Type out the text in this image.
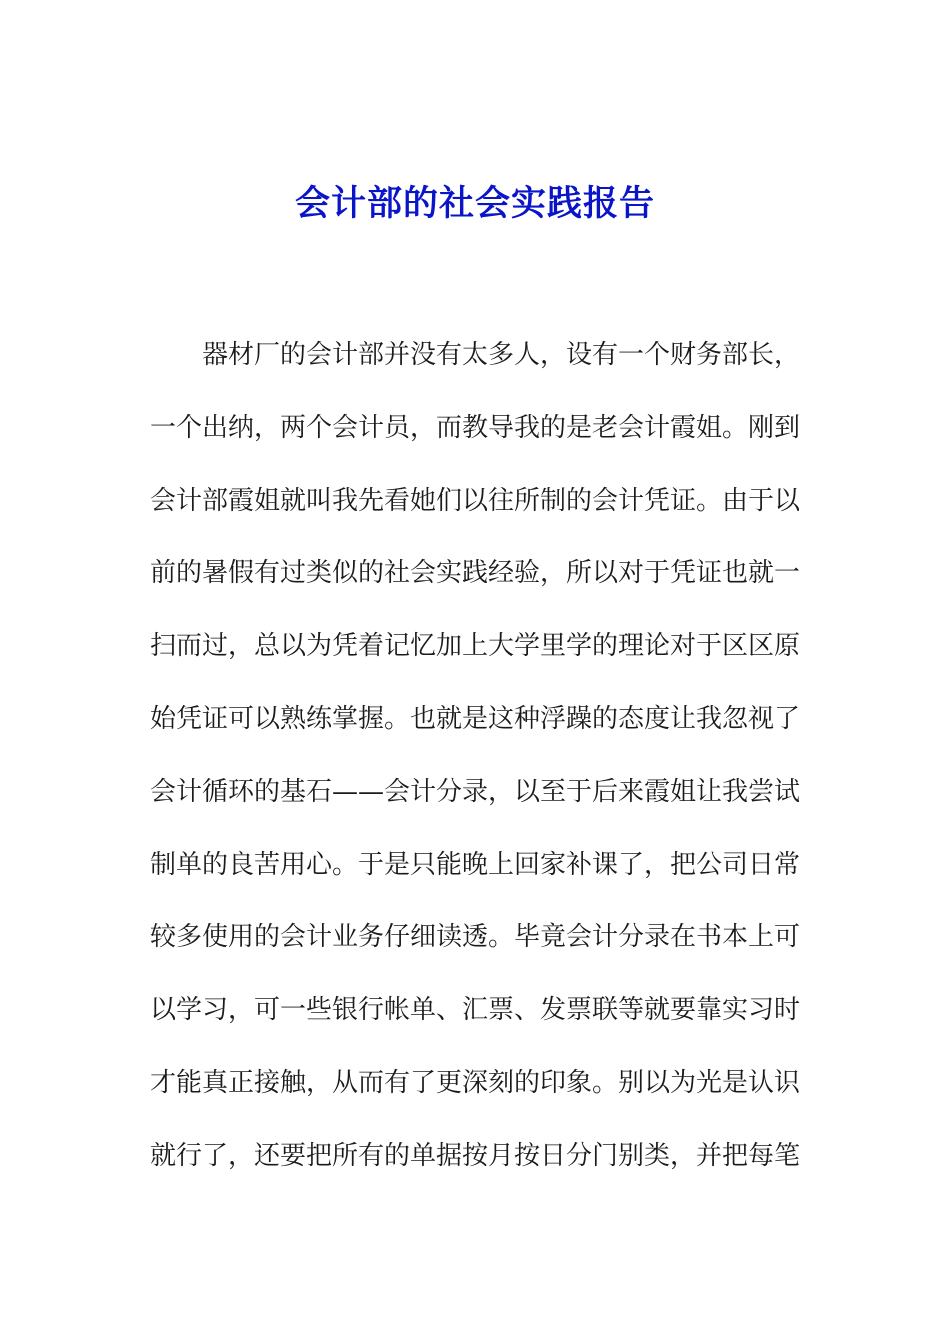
会计部的社会实践报告
器材厂的会计部并没有太多人，设有一个财务部长，
一个出纳，两个会计员，而教导我的是老会计霞姐。刚到
会计部霞姐就叫我先看她们以往所制的会计凭证。由于以
前的暑假有过类似的社会实践经验，所以对于凭证也就一
扫而过，总以为凭着记忆加上大学里学的理论对于区区原
始凭证可以熟练掌握。也就是这种浮躁的态度让我忽视了
会计循环的基石——会计分录，以至于后来霞姐让我尝试
制单的良苦用心。于是只能晚上回家补课了，把公司日常
较多使用的会计业务仔细读透。毕竟会计分录在书本上可
以学习，可一些银行帐单、汇票、发票联等就要靠实习时
才能真正接触，从而有了更深刻的印象。别以为光是认识
就行了，还要把所有的单据按月按日分门别类，并把每笔
